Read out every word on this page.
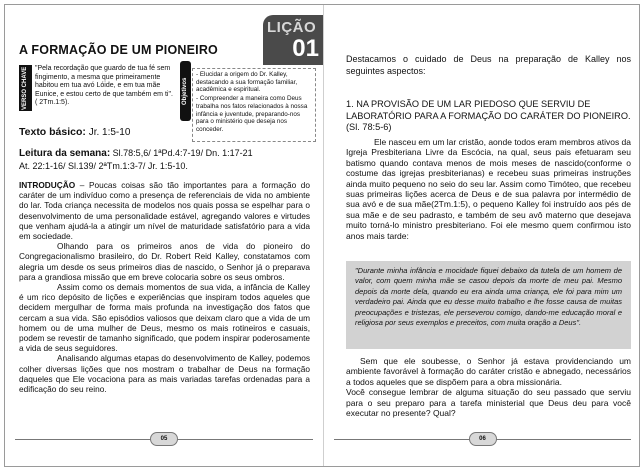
LIÇÃO
01
A FORMAÇÃO DE UM PIONEIRO
VERSO CHAVE	"Pela recordação que guardo de tua fé sem fingimento, a mesma que primeiramente habitou em tua avó Lóide, e em tua mãe Eunice, e estou certo de que também em ti". ( 2Tm.1:5).	Objetivos

- Elucidar a origem do Dr. Kalley, destacando a sua formação familiar, acadêmica e espiritual.

- Compreender a maneira como Deus trabalha nos fatos relacionados à nossa infância e juventude, preparando-nos para o ministério que deseja nos conceder.

Texto básico: Jr. 1:5-10
Leitura da semana: Sl.78:5,6/ 1ªPd.4:7-19/ Dn. 1:17-21
At. 22:1-16/ Sl.139/ 2ªTm.1:3-7/ Jr. 1:5-10.

INTRODUÇÃO – Poucas coisas são tão importantes para a formação do caráter de um indivíduo como a presença de referenciais de vida no ambiente do lar. Toda criança necessita de modelos nos quais possa se espelhar para o desenvolvimento de uma personalidade estável, agregando valores e virtudes que venham ajudá-la a atingir um nível de maturidade satisfatório para a vida em sociedade.

Olhando para os primeiros anos de vida do pioneiro do Congregacionalismo brasileiro, do Dr. Robert Reid Kalley, constatamos com alegria um desde os seus primeiros dias de nascido, o Senhor já o preparava para a grandiosa missão que em breve colocaria sobre os seus ombros.

Assim como os demais momentos de sua vida, a infância de Kalley é um rico depósito de lições e experiências que inspiram todos aqueles que decidem mergulhar de forma mais profunda na investigação dos fatos que cercam a sua vida. São episódios valiosos que deixam claro que a vida de um homem ou de uma mulher de Deus, mesmo os mais rotineiros e casuais, podem se revestir de tamanho significado, que podem inspirar poderosamente a vida de seus seguidores.

Analisando algumas etapas do desenvolvimento de Kalley, podemos colher diversas lições que nos mostram o trabalhar de Deus na formação daqueles que Ele vocaciona para as mais variadas tarefas ordenadas para a edificação do seu reino.

05
Destacamos o cuidado de Deus na preparação de Kalley nos seguintes aspectos:
1. NA PROVISÃO DE UM LAR PIEDOSO QUE SERVIU DE LABORATÓRIO PARA A FORMAÇÃO DO CARÁTER DO PIONEIRO.(Sl. 78:5-6)

Ele nasceu em um lar cristão, aonde todos eram membros ativos da Igreja Presbiteriana Livre da Escócia, na qual, seus pais efetuaram seu batismo quando contava menos de mois meses de nascido(conforme o costume das igrejas presbiterianas) e recebeu suas primeiras instruções ainda muito pequeno no seio do seu lar. Assim como Timóteo, que recebeu suas primeiras lições acerca de Deus e de sua palavra por intermédio de sua avó e de sua mãe(2Tm.1:5), o pequeno Kalley foi instruído aos pés de sua mãe e de seu padrasto, e também de seu avô materno que desejava muito torná-lo ministro presbiteriano. Foi ele mesmo quem confirmou isto anos mais tarde:

"Durante minha infância e mocidade fiquei debaixo da tutela de um homem de valor, com quem minha mãe se casou depois da morte de meu pai. Mesmo depois da morte dela, quando eu era ainda uma criança, ele foi para mim um verdadeiro pai. Ainda que eu desse muito trabalho e lhe fosse causa de muitas preocupações e tristezas, ele perseverou comigo, dando-me educação moral e religiosa por seus exemplos e preceitos, com muita oração a Deus".

Sem que ele soubesse, o Senhor já estava providenciando um ambiente favorável à formação do caráter cristão e abnegado, necessários a todos aqueles que se dispõem para a obra missionária.

Você consegue lembrar de alguma situação do seu passado que serviu para o seu preparo para a tarefa ministerial que Deus deu para você executar no presente? Qual?

06
